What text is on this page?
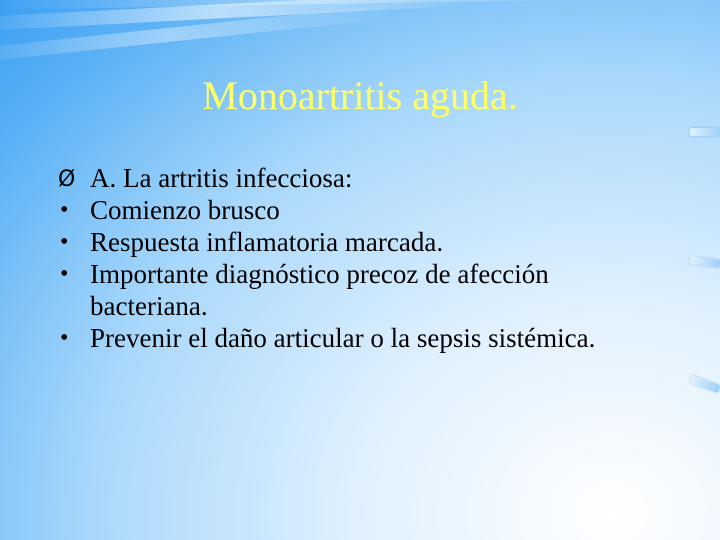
Monoartritis aguda.
Ø A. La artritis infecciosa:
• Comienzo brusco
• Respuesta inflamatoria marcada.
• Importante diagnóstico precoz de afección bacteriana.
• Prevenir el daño articular o la sepsis sistémica.
